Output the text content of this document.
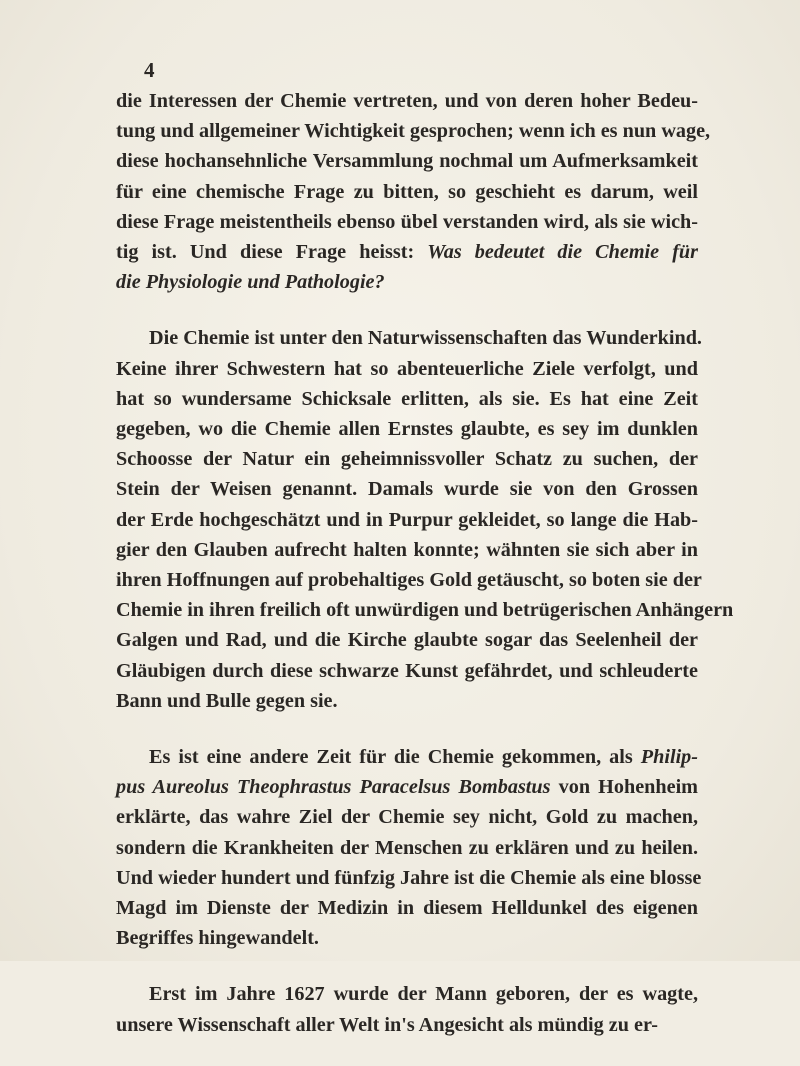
4
die Interessen der Chemie vertreten, und von deren hoher Bedeu-
tung und allgemeiner Wichtigkeit gesprochen; wenn ich es nun wage,
diese hochansehnliche Versammlung nochmal um Aufmerksamkeit
für eine chemische Frage zu bitten, so geschieht es darum, weil
diese Frage meistentheils ebenso übel verstanden wird, als sie wich-
tig ist. Und diese Frage heisst: Was bedeutet die Chemie für
die Physiologie und Pathologie?
Die Chemie ist unter den Naturwissenschaften das Wunderkind.
Keine ihrer Schwestern hat so abenteuerliche Ziele verfolgt, und
hat so wundersame Schicksale erlitten, als sie. Es hat eine Zeit
gegeben, wo die Chemie allen Ernstes glaubte, es sey im dunklen
Schoosse der Natur ein geheimnissvoller Schatz zu suchen, der
Stein der Weisen genannt. Damals wurde sie von den Grossen
der Erde hochgeschätzt und in Purpur gekleidet, so lange die Hab-
gier den Glauben aufrecht halten konnte; wähnten sie sich aber in
ihren Hoffnungen auf probehaltiges Gold getäuscht, so boten sie der
Chemie in ihren freilich oft unwürdigen und betrügerischen Anhängern
Galgen und Rad, und die Kirche glaubte sogar das Seelenheil der
Gläubigen durch diese schwarze Kunst gefährdet, und schleuderte
Bann und Bulle gegen sie.
Es ist eine andere Zeit für die Chemie gekommen, als Philip-
pus Aureolus Theophrastus Paracelsus Bombastus von Hohenheim
erklärte, das wahre Ziel der Chemie sey nicht, Gold zu machen,
sondern die Krankheiten der Menschen zu erklären und zu heilen.
Und wieder hundert und fünfzig Jahre ist die Chemie als eine blosse
Magd im Dienste der Medizin in diesem Helldunkel des eigenen
Begriffes hingewandelt.
Erst im Jahre 1627 wurde der Mann geboren, der es wagte,
unsere Wissenschaft aller Welt in's Angesicht als mündig zu er-
